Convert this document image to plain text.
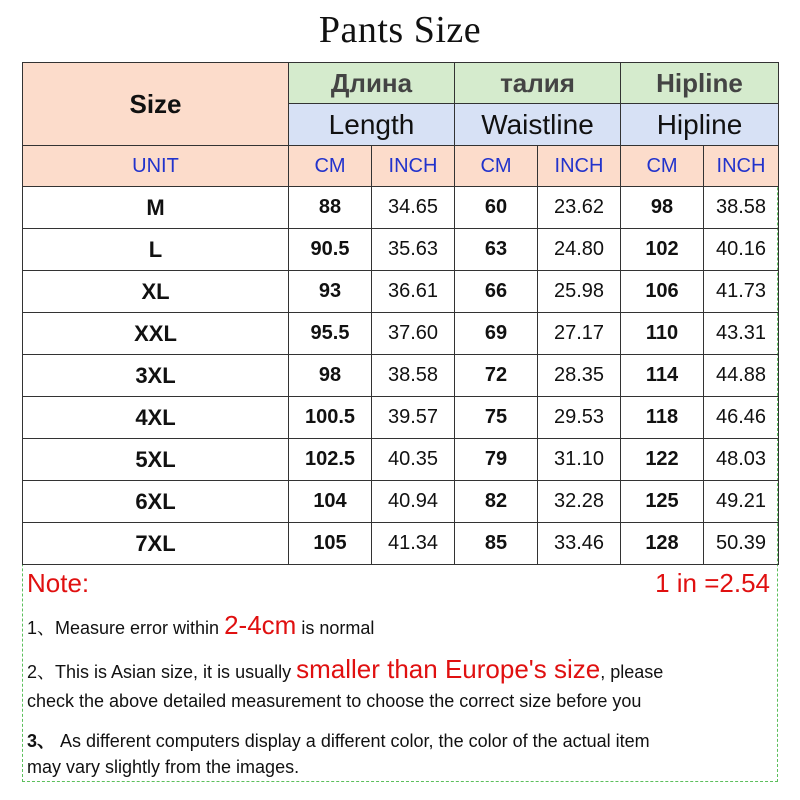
Pants Size
Size	Длина		талия		Hipline	
	Length		Waistline		Hipline	
UNIT	CM	INCH	CM	INCH	CM	INCH
M	88	34.65	60	23.62	98	38.58
L	90.5	35.63	63	24.80	102	40.16
XL	93	36.61	66	25.98	106	41.73
XXL	95.5	37.60	69	27.17	110	43.31
3XL	98	38.58	72	28.35	114	44.88
4XL	100.5	39.57	75	29.53	118	46.46
5XL	102.5	40.35	79	31.10	122	48.03
6XL	104	40.94	82	32.28	125	49.21
7XL	105	41.34	85	33.46	128	50.39
Note:	1 in =2.54
1、Measure error within 2-4cm is normal
2、This is Asian size, it is usually smaller than Europe's size, please
check the above detailed measurement to choose the correct size before you
3、 As different computers display a different color, the color of the actual item
may vary slightly from the images.
